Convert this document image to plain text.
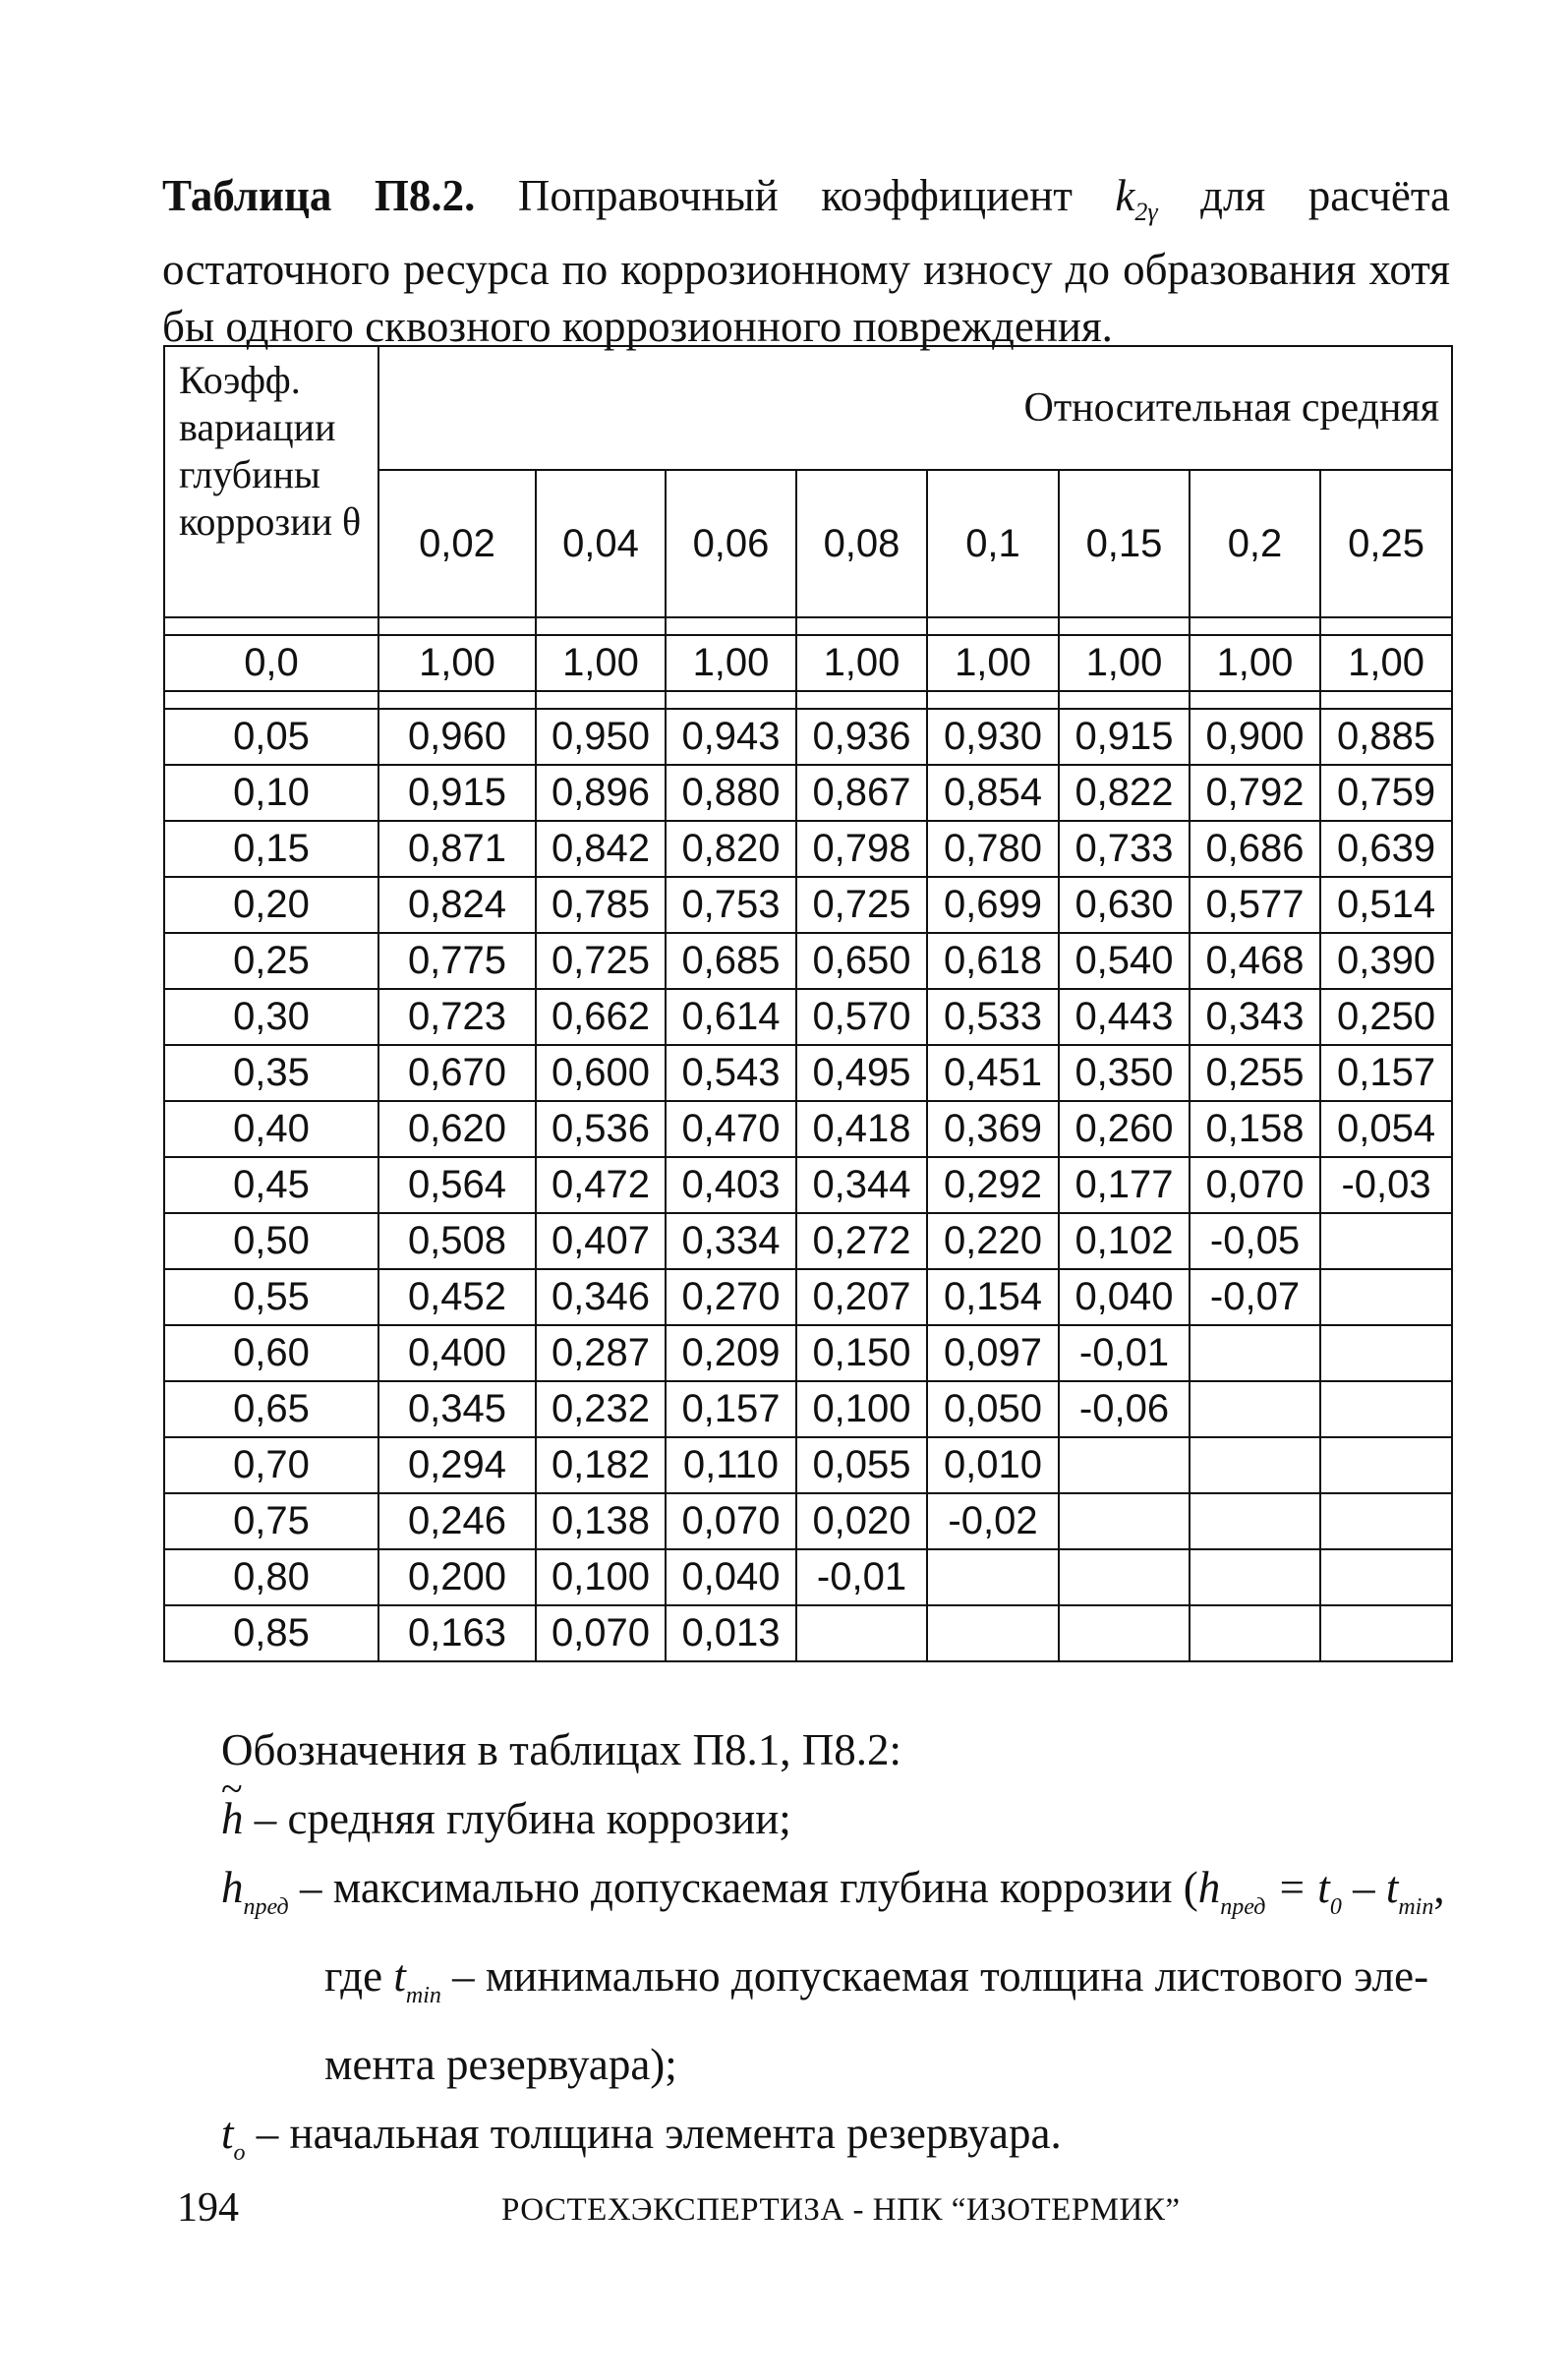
Таблица П8.2. Поправочный коэффициент $k_{2\gamma}$ для расчёта остаточного ресурса по коррозионному износу до образования хотя бы одного сквозного коррозионного повреждения.
Коэфф. вариации глубины коррозии θ	Относительная средняя							
	0,02	0,04	0,06	0,08	0,1	0,15	0,2	0,25

0,0	1,00	1,00	1,00	1,00	1,00	1,00	1,00	1,00

0,05	0,960	0,950	0,943	0,936	0,930	0,915	0,900	0,885
0,10	0,915	0,896	0,880	0,867	0,854	0,822	0,792	0,759
0,15	0,871	0,842	0,820	0,798	0,780	0,733	0,686	0,639
0,20	0,824	0,785	0,753	0,725	0,699	0,630	0,577	0,514
0,25	0,775	0,725	0,685	0,650	0,618	0,540	0,468	0,390
0,30	0,723	0,662	0,614	0,570	0,533	0,443	0,343	0,250
0,35	0,670	0,600	0,543	0,495	0,451	0,350	0,255	0,157
0,40	0,620	0,536	0,470	0,418	0,369	0,260	0,158	0,054
0,45	0,564	0,472	0,403	0,344	0,292	0,177	0,070	-0,03
0,50	0,508	0,407	0,334	0,272	0,220	0,102	-0,05	
0,55	0,452	0,346	0,270	0,207	0,154	0,040	-0,07	
0,60	0,400	0,287	0,209	0,150	0,097	-0,01		
0,65	0,345	0,232	0,157	0,100	0,050	-0,06		
0,70	0,294	0,182	0,110	0,055	0,010			
0,75	0,246	0,138	0,070	0,020	-0,02			
0,80	0,200	0,100	0,040	-0,01				
0,85	0,163	0,070	0,013					
Обозначения в таблицах П8.1, П8.2:
~ h – средняя глубина коррозии;
$h_{пред}$ – максимально допускаемая глубина коррозии ($h_{пред} = t_0 - t_{min}$,
где $t_{min}$ – минимально допускаемая толщина листового эле-
мента резервуара);
$t_o$ – начальная толщина элемента резервуара.
194	РОСТЕХЭКСПЕРТИЗА - НПК “ИЗОТЕРМИК”
